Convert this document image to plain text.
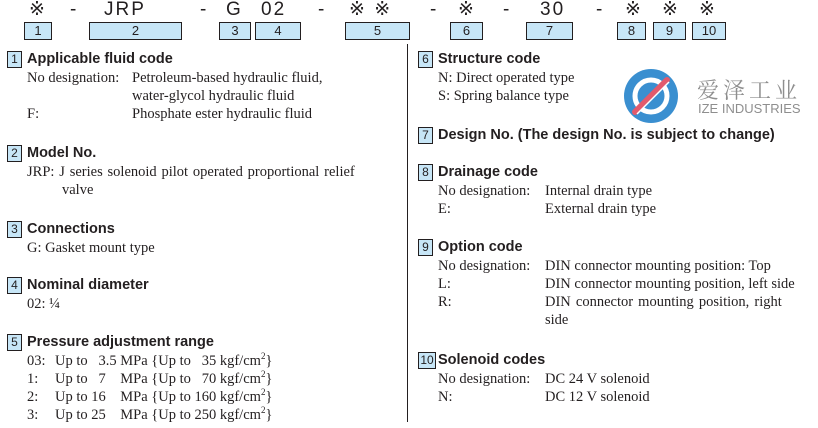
※ - JRP	- G 02 - ※ ※ - ※ - 30 - ※ ※ ※
1	2	3	4	5	6	7	8	9	10
1 Applicable fluid code
No designation: Petroleum-based hydraulic fluid,
water-glycol hydraulic fluid
F:	Phosphate ester hydraulic fluid
2 Model No.
JRP: J series solenoid pilot operated proportional relief
valve
3 Connections
G: Gasket mount type
4 Nominal diameter
02: ¼
5 Pressure adjustment range
03: Up to   3.5 MPa {Up to   35 kgf/$cm^2$}
1: Up to   7    MPa {Up to   70 kgf/$cm^2$}
2: Up to 16    MPa {Up to 160 kgf/$cm^2$}
3: Up to 25    MPa {Up to 250 kgf/$cm^2$}
6 Structure code
N: Direct operated type
S: Spring balance type	爱泽工业
IZE INDUSTRIES
7 Design No. (The design No. is subject to change)
8 Drainage code
No designation: Internal drain type
E:	External drain type
9 Option code
No designation: DIN connector mounting position: Top
L:	DIN connector mounting position, left side
R:	DIN connector mounting position, right
side
10 Solenoid codes
No designation: DC 24 V solenoid
N:	DC 12 V solenoid
